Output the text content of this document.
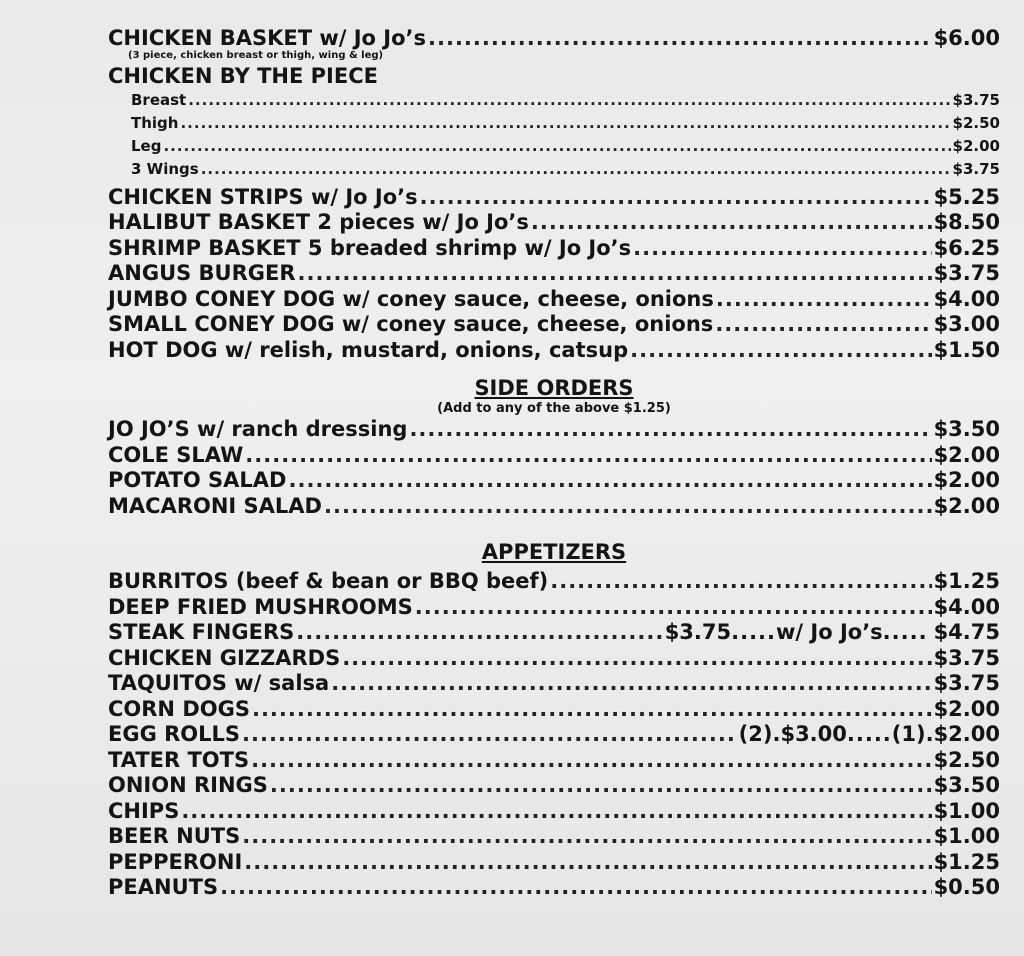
CHICKEN BASKET w/ Jo Jo’s .....	$6.00
(3 piece, chicken breast or thigh, wing & leg)
CHICKEN BY THE PIECE
Breast .....	$3.75
Thigh .....	$2.50
Leg .....	$2.00
3 Wings .....	$3.75
CHICKEN STRIPS w/ Jo Jo’s .....	$5.25
HALIBUT BASKET 2 pieces w/ Jo Jo’s .....	$8.50
SHRIMP BASKET 5 breaded shrimp w/ Jo Jo’s .....	$6.25
ANGUS BURGER .....	$3.75
JUMBO CONEY DOG w/ coney sauce, cheese, onions .....	$4.00
SMALL CONEY DOG w/ coney sauce, cheese, onions .....	$3.00
HOT DOG w/ relish, mustard, onions, catsup .....	$1.50
SIDE ORDERS
(Add to any of the above $1.25)
JO JO’S w/ ranch dressing .....	$3.50
COLE SLAW .....	$2.00
POTATO SALAD .....	$2.00
MACARONI SALAD .....	$2.00
APPETIZERS
BURRITOS (beef & bean or BBQ beef) .....	$1.25
DEEP FRIED MUSHROOMS .....	$4.00
STEAK FINGERS .....	$3.75 ..... w/ Jo Jo’s .....	$4.75
CHICKEN GIZZARDS .....	$3.75
TAQUITOS w/ salsa .....	$3.75
CORN DOGS .....	$2.00
EGG ROLLS .....	(2).$3.00 ..... (1) .$2.00
TATER TOTS .....	$2.50
ONION RINGS .....	$3.50
CHIPS .....	$1.00
BEER NUTS .....	$1.00
PEPPERONI .....	$1.25
PEANUTS .....	$0.50
